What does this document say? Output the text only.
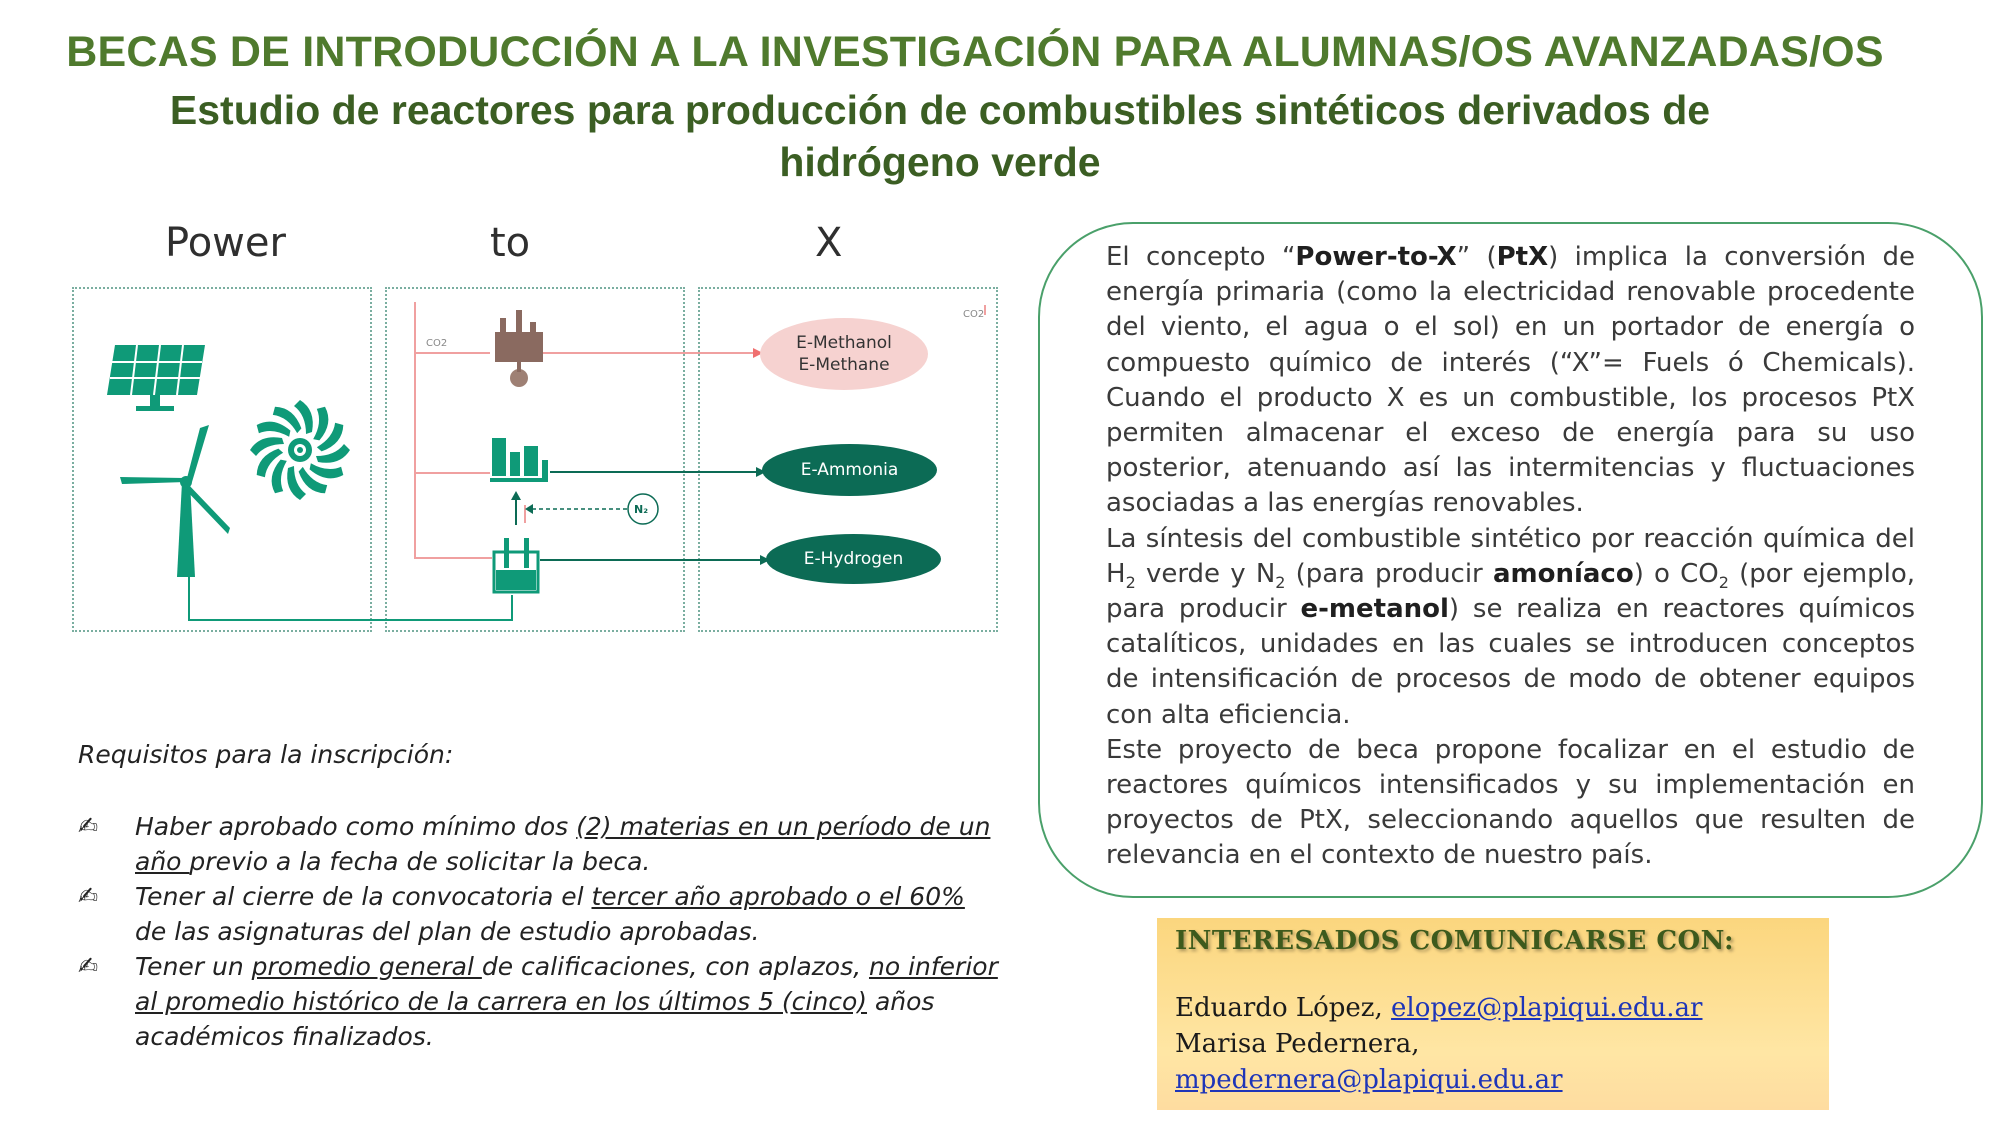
BECAS DE INTRODUCCIÓN A LA INVESTIGACIÓN PARA ALUMNAS/OS AVANZADAS/OS
Estudio de reactores para producción de combustibles sintéticos derivados de
hidrógeno verde
Power	to	X
CO2
CO2
N₂
E-Methanol
E-Methane
E-Ammonia
E-Hydrogen

Requisitos para la inscripción:

✍ Haber aprobado como mínimo dos (2) materias en un período de un año previo a la fecha de solicitar la beca.

✍ Tener al cierre de la convocatoria el tercer año aprobado o el 60% de las asignaturas del plan de estudio aprobadas.

✍ Tener un promedio general de calificaciones, con aplazos, no inferior al promedio histórico de la carrera en los últimos 5 (cinco) años académicos finalizados.

El concepto “Power-to-X” (PtX) implica la conversión de energía primaria (como la electricidad renovable procedente del viento, el agua o el sol) en un portador de energía o compuesto químico de interés (“X”= Fuels ó Chemicals). Cuando el producto X es un combustible, los procesos PtX permiten almacenar el exceso de energía para su uso posterior, atenuando así las intermitencias y fluctuaciones asociadas a las energías renovables.

La síntesis del combustible sintético por reacción química del $H_2$ verde y $N_2$ (para producir amoníaco) o $CO_2$ (por ejemplo, para producir e-metanol) se realiza en reactores químicos catalíticos, unidades en las cuales se introducen conceptos de intensificación de procesos de modo de obtener equipos con alta eficiencia.

Este proyecto de beca propone focalizar en el estudio de reactores químicos intensificados y su implementación en proyectos de PtX, seleccionando aquellos que resulten de relevancia en el contexto de nuestro país.

INTERESADOS COMUNICARSE CON:

Eduardo López, elopez@plapiqui.edu.ar

Marisa Pedernera, mpedernera@plapiqui.edu.ar
